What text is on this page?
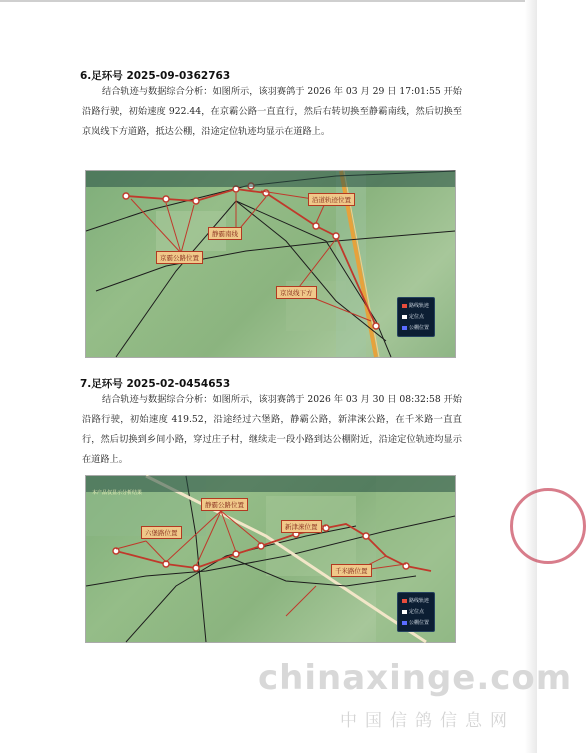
6.足环号 2025-09-0362763
结合轨迹与数据综合分析：如图所示，该羽赛鸽于 2026 年 03 月 29 日 17:01:55 开始沿路行驶，初始速度 922.44，在京霸公路一直直行，然后右转切换至静霸南线，然后切换至京岚线下方道路，抵达公棚，沿途定位轨迹均显示在道路上。
沿道轨迹位置
静霸南线
京霸公路位置
京岚线下方
路线轨迹
定位点
公棚位置
7.足环号 2025-02-0454653
结合轨迹与数据综合分析：如图所示，该羽赛鸽于 2026 年 03 月 30 日 08:32:58 开始沿路行驶，初始速度 419.52，沿途经过六堡路，静霸公路，新津淶公路，在千米路一直直行，然后切换到乡间小路，穿过庄子村，继续走一段小路到达公棚附近，沿途定位轨迹均显示在道路上。
本产品仅显示分析结果
六堡路位置
静霸公路位置
新津淶位置
千米路位置
路线轨迹
定位点
公棚位置
chinaxinge.com
中国信鸽信息网
